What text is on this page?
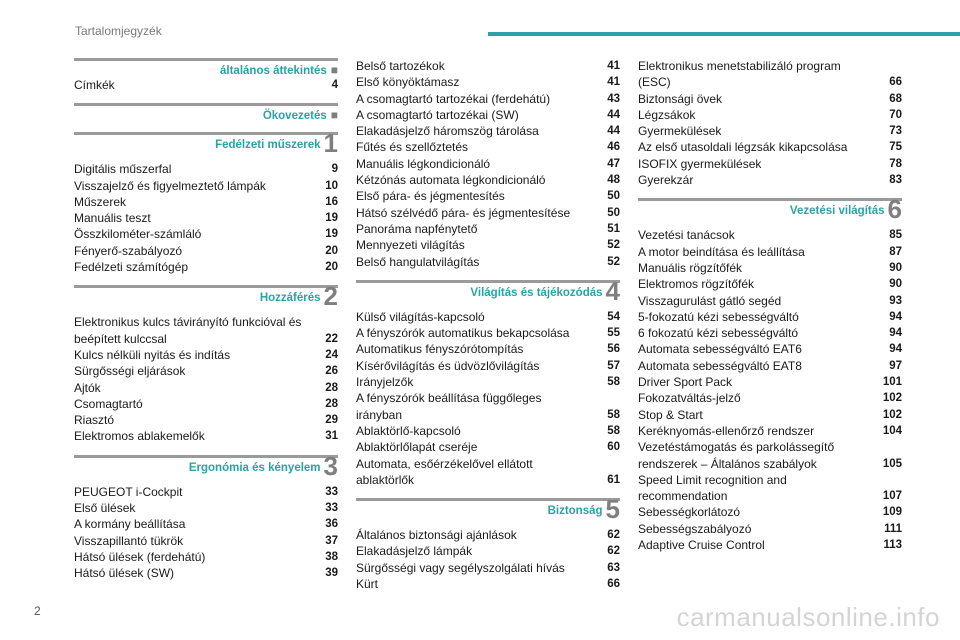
Tartalomjegyzék
általános áttekintés ■
Címkék	4
Ökovezetés ■
Fedélzeti műszerek 1
Digitális műszerfal	9
Visszajelző és figyelmeztető lámpák	10
Műszerek	16
Manuális teszt	19
Összkilométer-számláló	19
Fényerő-szabályozó	20
Fedélzeti számítógép	20
Hozzáférés 2
Elektronikus kulcs távirányító funkcióval és
beépített kulccsal	22
Kulcs nélküli nyitás és indítás	24
Sürgősségi eljárások	26
Ajtók	28
Csomagtartó	28
Riasztó	29
Elektromos ablakemelők	31
Ergonómia és kényelem 3
PEUGEOT i-Cockpit	33
Első ülések	33
A kormány beállítása	36
Visszapillantó tükrök	37
Hátsó ülések (ferdehátú)	38
Hátsó ülések (SW)	39
Belső tartozékok	41
Első könyöktámasz	41
A csomagtartó tartozékai (ferdehátú)	43
A csomagtartó tartozékai (SW)	44
Elakadásjelző háromszög tárolása	44
Fűtés és szellőztetés	46
Manuális légkondicionáló	47
Kétzónás automata légkondicionáló	48
Első pára- és jégmentesítés	50
Hátsó szélvédő pára- és jégmentesítése	50
Panoráma napfénytető	51
Mennyezeti világítás	52
Belső hangulatvilágítás	52
Világítás és tájékozódás 4
Külső világítás-kapcsoló	54
A fényszórók automatikus bekapcsolása	55
Automatikus fényszórótompítás	56
Kísérővilágítás és üdvözlővilágítás	57
Irányjelzők	58
A fényszórók beállítása függőleges
irányban	58
Ablaktörlő-kapcsoló	58
Ablaktörlőlapát cseréje	60
Automata, esőérzékelővel ellátott
ablaktörlők	61
Biztonság 5
Általános biztonsági ajánlások	62
Elakadásjelző lámpák	62
Sürgősségi vagy segélyszolgálati hívás	63
Kürt	66
Elektronikus menetstabilizáló program
(ESC)	66
Biztonsági övek	68
Légzsákok	70
Gyermekülések	73
Az első utasoldali légzsák kikapcsolása	75
ISOFIX gyermekülések	78
Gyerekzár	83
Vezetési világítás 6
Vezetési tanácsok	85
A motor beindítása és leállítása	87
Manuális rögzítőfék	90
Elektromos rögzítőfék	90
Visszagurulást gátló segéd	93
5-fokozatú kézi sebességváltó	94
6 fokozatú kézi sebességváltó	94
Automata sebességváltó EAT6	94
Automata sebességváltó EAT8	97
Driver Sport Pack	101
Fokozatváltás-jelző	102
Stop & Start	102
Keréknyomás-ellenőrző rendszer	104
Vezetéstámogatás és parkolássegítő
rendszerek – Általános szabályok	105
Speed Limit recognition and
recommendation	107
Sebességkorlátozó	109
Sebességszabályozó	111
Adaptive Cruise Control	113
2	carmanualsonline.info
